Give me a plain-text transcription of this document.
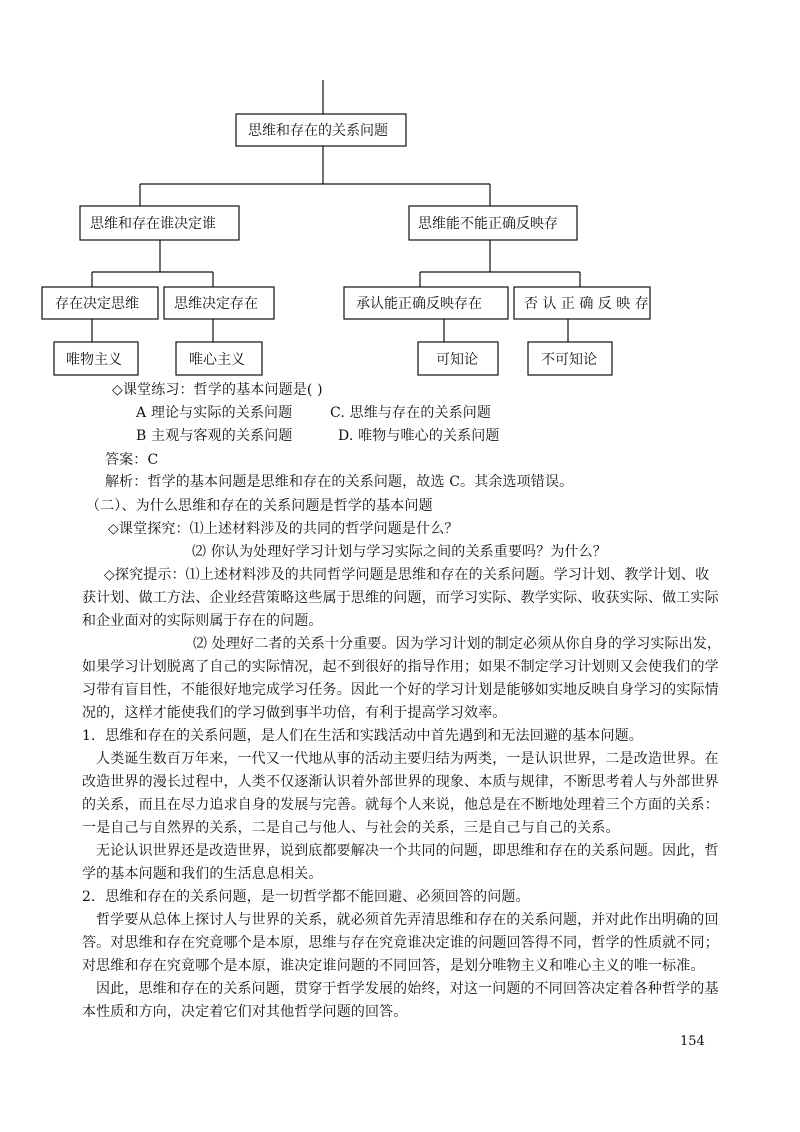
思维和存在的关系问题
思维和存在谁决定谁	思维能不能正确反映存
存在决定思维	思维决定存在	承认能正确反映存在	否 认 正 确 反 映 存
唯物主义	唯心主义	可知论	不可知论
◇课堂练习：哲学的基本问题是( )
A 理论与实际的关系问题	C. 思维与存在的关系问题
B 主观与客观的关系问题	D. 唯物与唯心的关系问题
答案：C
解析：哲学的基本问题是思维和存在的关系问题，故选 C。其余选项错误。
（二）、为什么思维和存在的关系问题是哲学的基本问题
◇课堂探究：⑴上述材料涉及的共同的哲学问题是什么？
⑵ 你认为处理好学习计划与学习实际之间的关系重要吗？为什么？
◇探究提示：⑴上述材料涉及的共同哲学问题是思维和存在的关系问题。学习计划、教学计划、收
获计划、做工方法、企业经营策略这些属于思维的问题，而学习实际、教学实际、收获实际、做工实际
和企业面对的实际则属于存在的问题。
⑵ 处理好二者的关系十分重要。因为学习计划的制定必须从你自身的学习实际出发，
如果学习计划脱离了自己的实际情况，起不到很好的指导作用；如果不制定学习计划则又会使我们的学
习带有盲目性，不能很好地完成学习任务。因此一个好的学习计划是能够如实地反映自身学习的实际情
况的，这样才能使我们的学习做到事半功倍，有利于提高学习效率。
1．思维和存在的关系问题，是人们在生活和实践活动中首先遇到和无法回避的基本问题。
人类诞生数百万年来，一代又一代地从事的活动主要归结为两类，一是认识世界，二是改造世界。在
改造世界的漫长过程中，人类不仅逐渐认识着外部世界的现象、本质与规律，不断思考着人与外部世界
的关系，而且在尽力追求自身的发展与完善。就每个人来说，他总是在不断地处理着三个方面的关系：
一是自己与自然界的关系，二是自己与他人、与社会的关系，三是自己与自己的关系。
无论认识世界还是改造世界，说到底都要解决一个共同的问题，即思维和存在的关系问题。因此，哲
学的基本问题和我们的生活息息相关。
2．思维和存在的关系问题，是一切哲学都不能回避、必须回答的问题。
哲学要从总体上探讨人与世界的关系，就必须首先弄清思维和存在的关系问题，并对此作出明确的回
答。对思维和存在究竟哪个是本原，思维与存在究竟谁决定谁的问题回答得不同，哲学的性质就不同；
对思维和存在究竟哪个是本原，谁决定谁问题的不同回答，是划分唯物主义和唯心主义的唯一标准。
因此，思维和存在的关系问题，贯穿于哲学发展的始终，对这一问题的不同回答决定着各种哲学的基
本性质和方向，决定着它们对其他哲学问题的回答。
154
